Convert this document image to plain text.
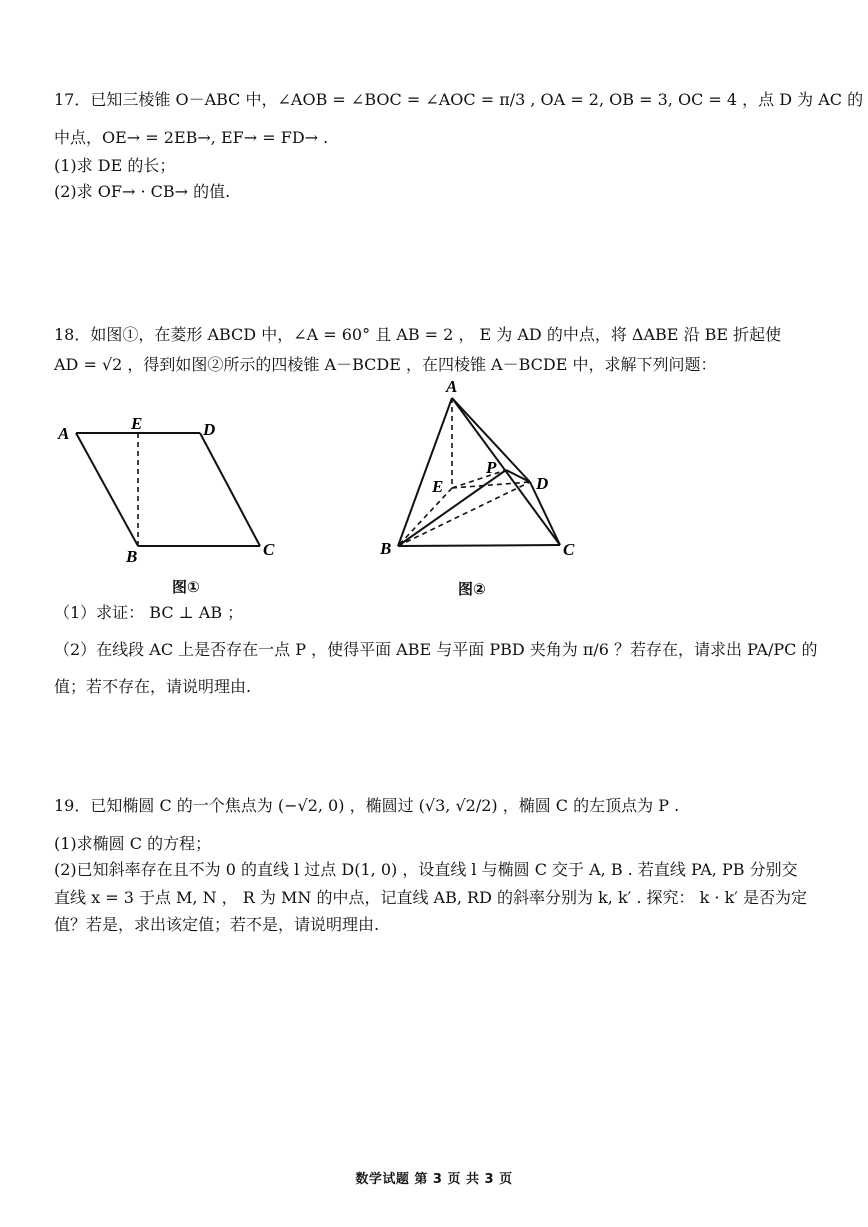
17．已知三棱锥 O－ABC 中，∠AOB = ∠BOC = ∠AOC = π/3 , OA = 2, OB = 3, OC = 4 ，点 D 为 AC 的
中点，OE→ = 2EB→, EF→ = FD→ .
(1)求 DE 的长；
(2)求 OF→ · CB→ 的值.
18．如图①，在菱形 ABCD 中，∠A = 60° 且 AB = 2 ， E 为 AD 的中点，将 ΔABE 沿 BE 折起使
AD = √2 ，得到如图②所示的四棱锥 A－BCDE ，在四棱锥 A－BCDE 中，求解下列问题：
A
E	D
B	C
图①
A
P
E	D
B	C
图②
（1）求证： BC ⊥ AB ；
（2）在线段 AC 上是否存在一点 P ，使得平面 ABE 与平面 PBD 夹角为 π/6 ？若存在，请求出 PA/PC 的
值；若不存在，请说明理由.
19．已知椭圆 C 的一个焦点为 (−√2, 0) ，椭圆过 (√3, √2/2) ，椭圆 C 的左顶点为 P .
(1)求椭圆 C 的方程；
(2)已知斜率存在且不为 0 的直线 l 过点 D(1, 0) ，设直线 l 与椭圆 C 交于 A, B . 若直线 PA, PB 分别交
直线 x = 3 于点 M, N ， R 为 MN 的中点，记直线 AB, RD 的斜率分别为 k, k′ . 探究： k · k′ 是否为定
值？若是，求出该定值；若不是，请说明理由.
数学试题 第 3 页 共 3 页
